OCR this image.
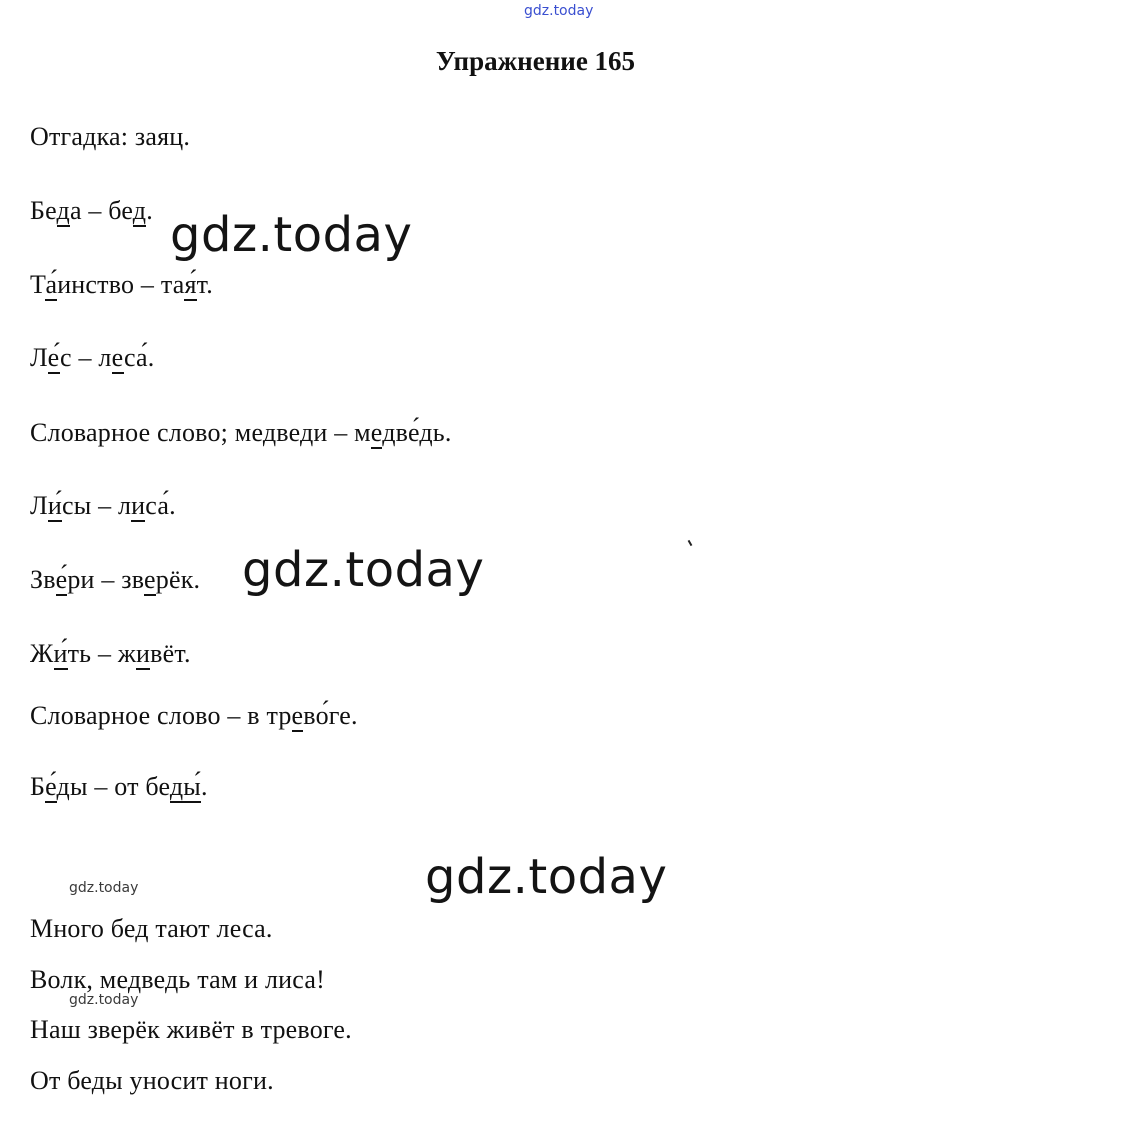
gdz.today
Упражнение 165
Отгадка: заяц.
Беда – бед.
Та́инство – тая́т.
Ле́с – леса́.
Словарное слово; медведи – медве́дь.
Ли́сы – лиса́.
Зве́ри – зверёк.
Жи́ть – живёт.
Словарное слово – в трево́ге.
Бе́ды – от беды́.
Много бед тают леса.
Волк, медведь там и лиса!
Наш зверёк живёт в тревоге.
От беды уносит ноги.
gdz.today
gdz.today
gdz.today
gdz.today
gdz.today
